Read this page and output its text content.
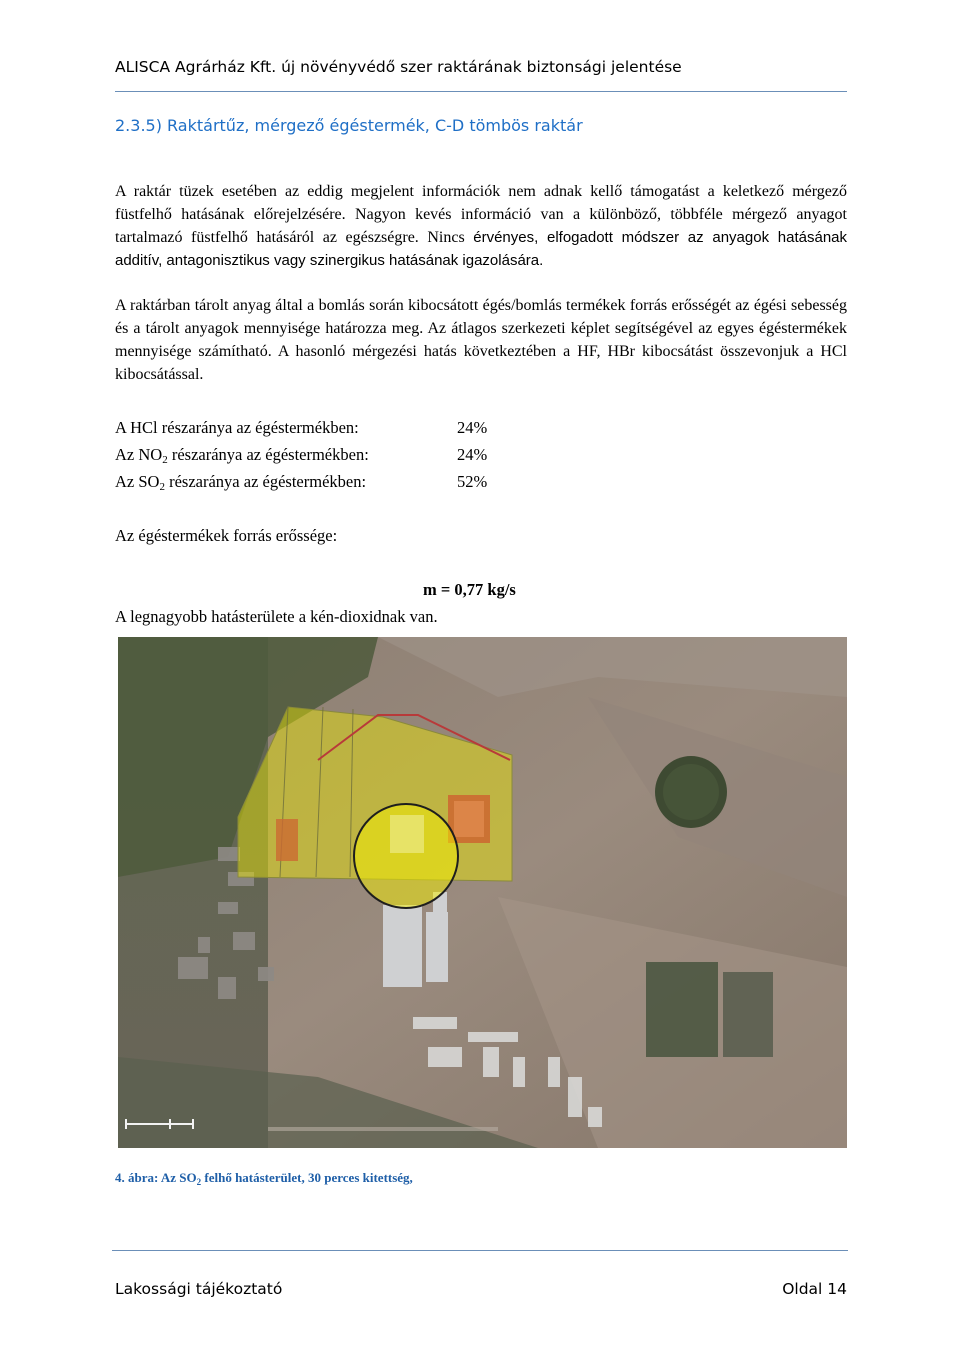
ALISCA Agrárház Kft. új növényvédő szer raktárának biztonsági jelentése
2.3.5) Raktártűz, mérgező égéstermék, C-D tömbös raktár
A raktár tüzek esetében az eddig megjelent információk nem adnak kellő támogatást a keletkező mérgező füstfelhő hatásának előrejelzésére. Nagyon kevés információ van a különböző, többféle mérgező anyagot tartalmazó füstfelhő hatásáról az egészségre. Nincs érvényes, elfogadott módszer az anyagok hatásának additív, antagonisztikus vagy szinergikus hatásának igazolására.
A raktárban tárolt anyag által a bomlás során kibocsátott égés/bomlás termékek forrás erősségét az égési sebesség és a tárolt anyagok mennyisége határozza meg. Az átlagos szerkezeti képlet segítségével az egyes égéstermékek mennyisége számítható. A hasonló mérgezési hatás következtében a HF, HBr kibocsátást összevonjuk a HCl kibocsátással.
A HCl részaránya az égéstermékben:	24%
Az $NO_2$ részaránya az égéstermékben:	24%
Az $SO_2$ részaránya az égéstermékben:	52%
Az égéstermékek forrás erőssége:
m = 0,77 kg/s
A legnagyobb hatásterülete a kén-dioxidnak van.
4. ábra: Az $SO_2$ felhő hatásterület, 30 perces kitettség,
Lakossági tájékoztató	Oldal 14
